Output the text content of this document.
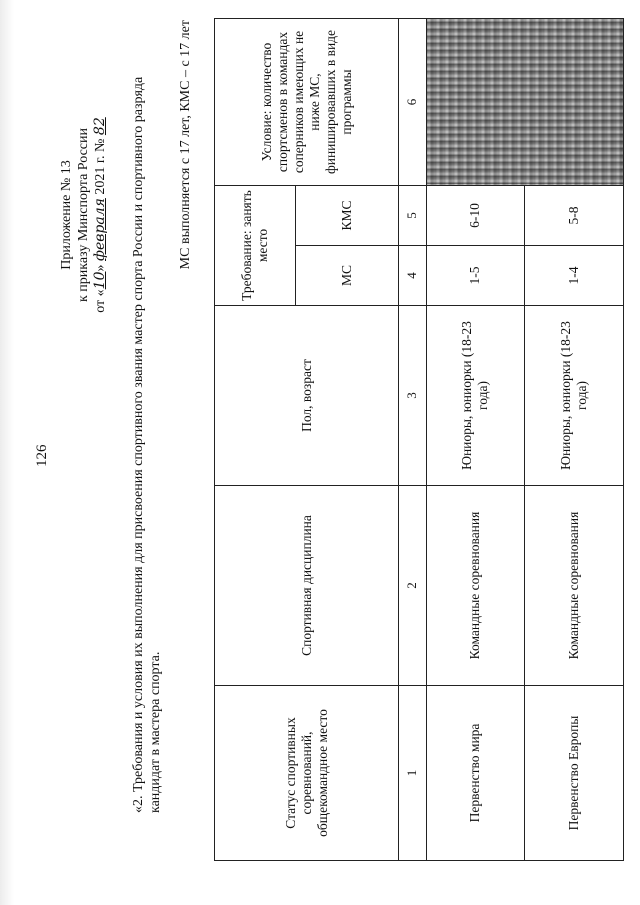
126
Приложение № 13 к приказу Минспорта России от «10» февраля 2021 г. № 82 «2. Требования и условия их выполнения для присвоения спортивного звания мастер спорта России и спортивного разряда кандидат в мастера спорта.
МС выполняется с 17 лет, КМС – с 17 лет
Статус спортивных соревнований, общекомандное место	Спортивная дисциплина	Пол, возраст	Требование: занять место		Условие: количество спортсменов в командах соперников имеющих не ниже МС, финишировавших в виде программы
			МС	КМС	
1	2	3	4	5	6
Первенство мира	Командные соревнования	Юниоры, юниорки (18-23 года)	1-5	6-10	
Первенство Европы	Командные соревнования	Юниоры, юниорки (18-23 года)	1-4	5-8	
